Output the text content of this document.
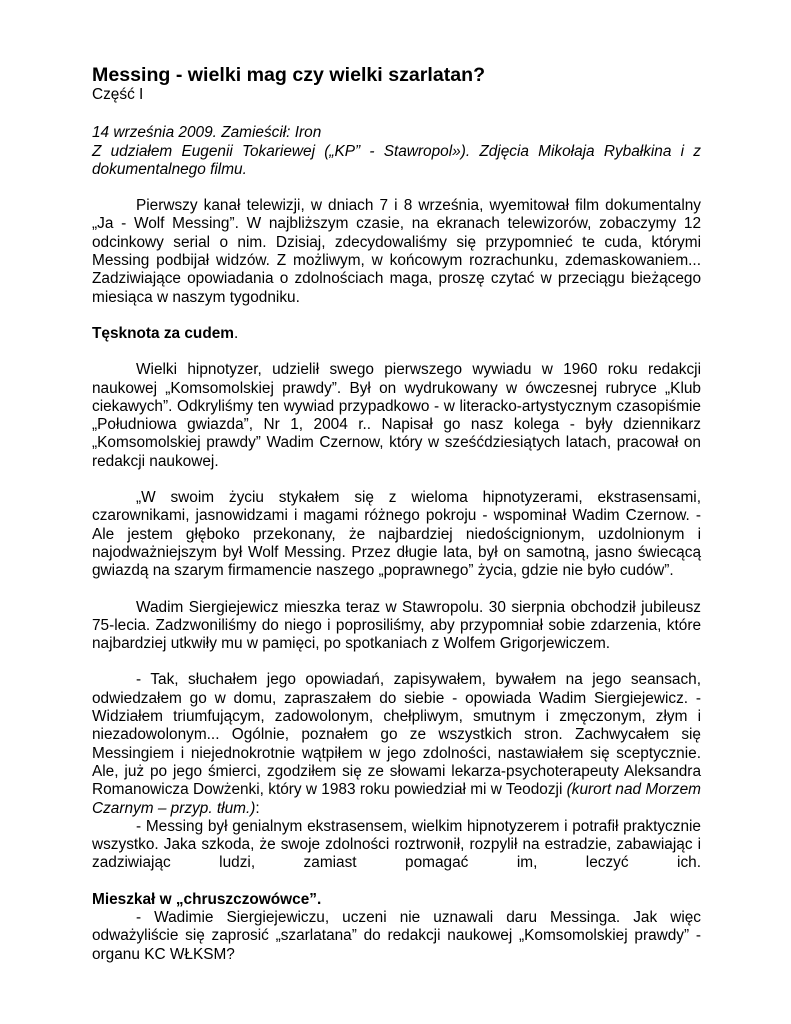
Messing - wielki mag czy wielki szarlatan?
Część I

14 września 2009. Zamieścił: Iron

Z udziałem Eugenii Tokariewej („KP” - Stawropol»). Zdjęcia Mikołaja Rybałkina i z dokumentalnego filmu.

Pierwszy kanał telewizji, w dniach 7 i 8 września, wyemitował film dokumentalny „Ja - Wolf Messing”. W najbliższym czasie, na ekranach telewizorów, zobaczymy 12 odcinkowy serial o nim. Dzisiaj, zdecydowaliśmy się przypomnieć te cuda, którymi Messing podbijał widzów. Z możliwym, w końcowym rozrachunku, zdemaskowaniem... Zadziwiające opowiadania o zdolnościach maga, proszę czytać w przeciągu bieżącego miesiąca w naszym tygodniku.

Tęsknota za cudem.

Wielki hipnotyzer, udzielił swego pierwszego wywiadu w 1960 roku redakcji naukowej „Komsomolskiej prawdy”. Był on wydrukowany w ówczesnej rubryce „Klub ciekawych”. Odkryliśmy ten wywiad przypadkowo - w literacko-artystycznym czasopiśmie „Południowa gwiazda”, Nr 1, 2004 r.. Napisał go nasz kolega - były dziennikarz „Komsomolskiej prawdy” Wadim Czernow, który w sześćdziesiątych latach, pracował on redakcji naukowej.

„W swoim życiu stykałem się z wieloma hipnotyzerami, ekstrasensami, czarownikami, jasnowidzami i magami różnego pokroju - wspominał Wadim Czernow. - Ale jestem głęboko przekonany, że najbardziej niedoścignionym, uzdolnionym i najodważniejszym był Wolf Messing. Przez długie lata, był on samotną, jasno świecącą gwiazdą na szarym firmamencie naszego „poprawnego” życia, gdzie nie było cudów”.

Wadim Siergiejewicz mieszka teraz w Stawropolu. 30 sierpnia obchodził jubileusz 75-lecia. Zadzwoniliśmy do niego i poprosiliśmy, aby przypomniał sobie zdarzenia, które najbardziej utkwiły mu w pamięci, po spotkaniach z Wolfem Grigorjewiczem.

- Tak, słuchałem jego opowiadań, zapisywałem, bywałem na jego seansach, odwiedzałem go w domu, zapraszałem do siebie - opowiada Wadim Siergiejewicz. - Widziałem triumfującym, zadowolonym, chełpliwym, smutnym i zmęczonym, złym i niezadowolonym... Ogólnie, poznałem go ze wszystkich stron. Zachwycałem się Messingiem i niejednokrotnie wątpiłem w jego zdolności, nastawiałem się sceptycznie. Ale, już po jego śmierci, zgodziłem się ze słowami lekarza-psychoterapeuty Aleksandra Romanowicza Dowżenki, który w 1983 roku powiedział mi w Teodozji (kurort nad Morzem Czarnym – przyp. tłum.):

- Messing był genialnym ekstrasensem, wielkim hipnotyzerem i potrafił praktycznie wszystko. Jaka szkoda, że swoje zdolności roztrwonił, rozpylił na estradzie, zabawiając i zadziwiając ludzi, zamiast pomagać im, leczyć ich.

Mieszkał w „chruszczowówce”.

- Wadimie Siergiejewiczu, uczeni nie uznawali daru Messinga. Jak więc odważyliście się zaprosić „szarlatana” do redakcji naukowej „Komsomolskiej prawdy” - organu KC WŁKSM?
